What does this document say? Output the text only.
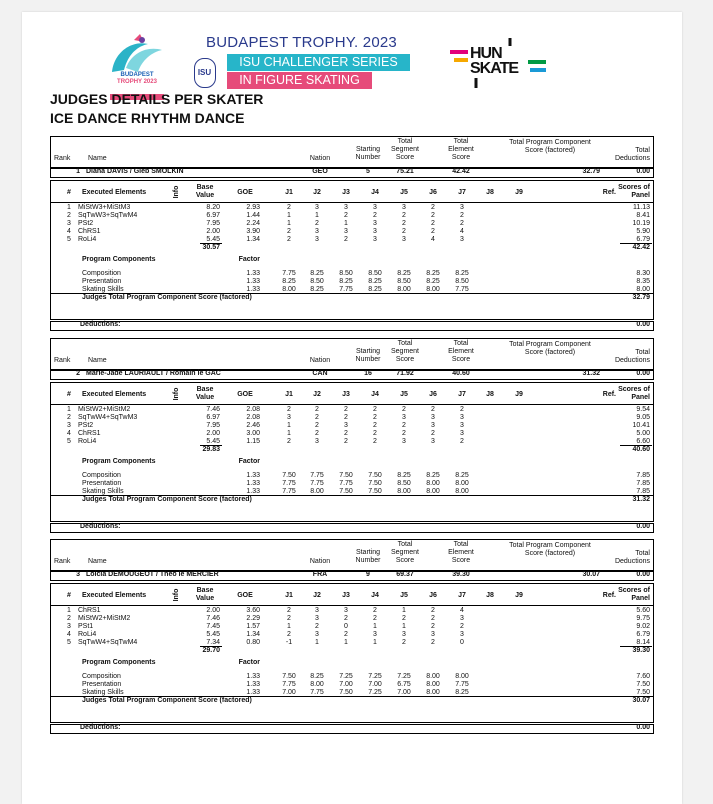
BUDAPEST
TROPHY 2023
ISU
BUDAPEST TROPHY. 2023
ISU CHALLENGER SERIES
IN FIGURE SKATING
HUN
SKATE
JUDGES DETAILS PER SKATER
ICE DANCE RHYTHM DANCE
Rank	Name	Nation
Starting
Number
Total
Segment
Score
Total
Element
Score
Total Program Component
Score (factored)	Total
Deductions
1 Diana DAVIS / Gleb SMOLKIN	GEO	5	75.21	42.42	32.79	0.00
#	Executed Elements	Info	Base
Value	GOE	J1	J2	J3	J4	J5	J6	J7	J8	J9	Ref.
Scores of
Panel
1	MiStW3+MiStM3	8.20	2.93	2	3	3	3	3	2	3	11.13
2	SqTwW3+SqTwM4	6.97	1.44	1	1	2	2	2	2	2	8.41
3	PSt2	7.95	2.24	1	2	1	3	2	2	2	10.19
4	ChRS1	2.00	3.90	2	3	3	3	2	2	4	5.90
5	RoLi4	5.45	1.34	2	3	2	3	3	4	3	6.79
30.57	42.42
Program Components	Factor
Composition	1.33	7.75	8.25	8.50	8.50	8.25	8.25	8.25	8.30
Presentation	1.33	8.25	8.50	8.25	8.25	8.50	8.25	8.50	8.35
Skating Skills	1.33	8.00	8.25	7.75	8.25	8.00	8.00	7.75	8.00
Judges Total Program Component Score (factored)	32.79
Deductions:	0.00
Rank	Name	Nation
Starting
Number
Total
Segment
Score
Total
Element
Score
Total Program Component
Score (factored)	Total
Deductions
2 Marie-Jade LAURIAULT / Romain le GAC	CAN	16	71.92	40.60	31.32	0.00
#	Executed Elements	Info	Base
Value	GOE	J1	J2	J3	J4	J5	J6	J7	J8	J9	Ref.
Scores of
Panel
1	MiStW2+MiStM2	7.46	2.08	2	2	2	2	2	2	2	9.54
2	SqTwW4+SqTwM3	6.97	2.08	3	2	2	2	3	3	3	9.05
3	PSt2	7.95	2.46	1	2	3	2	2	3	3	10.41
4	ChRS1	2.00	3.00	1	2	2	2	2	2	3	5.00
5	RoLi4	5.45	1.15	2	3	2	2	3	3	2	6.60
29.83	40.60
Program Components	Factor
Composition	1.33	7.50	7.75	7.50	7.50	8.25	8.25	8.25	7.85
Presentation	1.33	7.75	7.75	7.75	7.50	8.50	8.00	8.00	7.85
Skating Skills	1.33	7.75	8.00	7.50	7.50	8.00	8.00	8.00	7.85
Judges Total Program Component Score (factored)	31.32
Deductions:	0.00
Rank	Name	Nation
Starting
Number
Total
Segment
Score
Total
Element
Score
Total Program Component
Score (factored)	Total
Deductions
3 Loicia DEMOUGEOT / Theo le MERCIER	FRA	9	69.37	39.30	30.07	0.00
#	Executed Elements	Info	Base
Value	GOE	J1	J2	J3	J4	J5	J6	J7	J8	J9	Ref.
Scores of
Panel
1	ChRS1	2.00	3.60	2	3	3	2	1	2	4	5.60
2	MiStW2+MiStM2	7.46	2.29	2	3	2	2	2	2	3	9.75
3	PSt1	7.45	1.57	1	2	0	1	1	2	2	9.02
4	RoLi4	5.45	1.34	2	3	2	3	3	3	3	6.79
5	SqTwW4+SqTwM4	7.34	0.80	-1	1	1	1	2	2	0	8.14
29.70	39.30
Program Components	Factor
Composition	1.33	7.50	8.25	7.25	7.25	7.25	8.00	8.00	7.60
Presentation	1.33	7.75	8.00	7.00	7.00	6.75	8.00	7.75	7.50
Skating Skills	1.33	7.00	7.75	7.50	7.25	7.00	8.00	8.25	7.50
Judges Total Program Component Score (factored)	30.07
Deductions:	0.00
